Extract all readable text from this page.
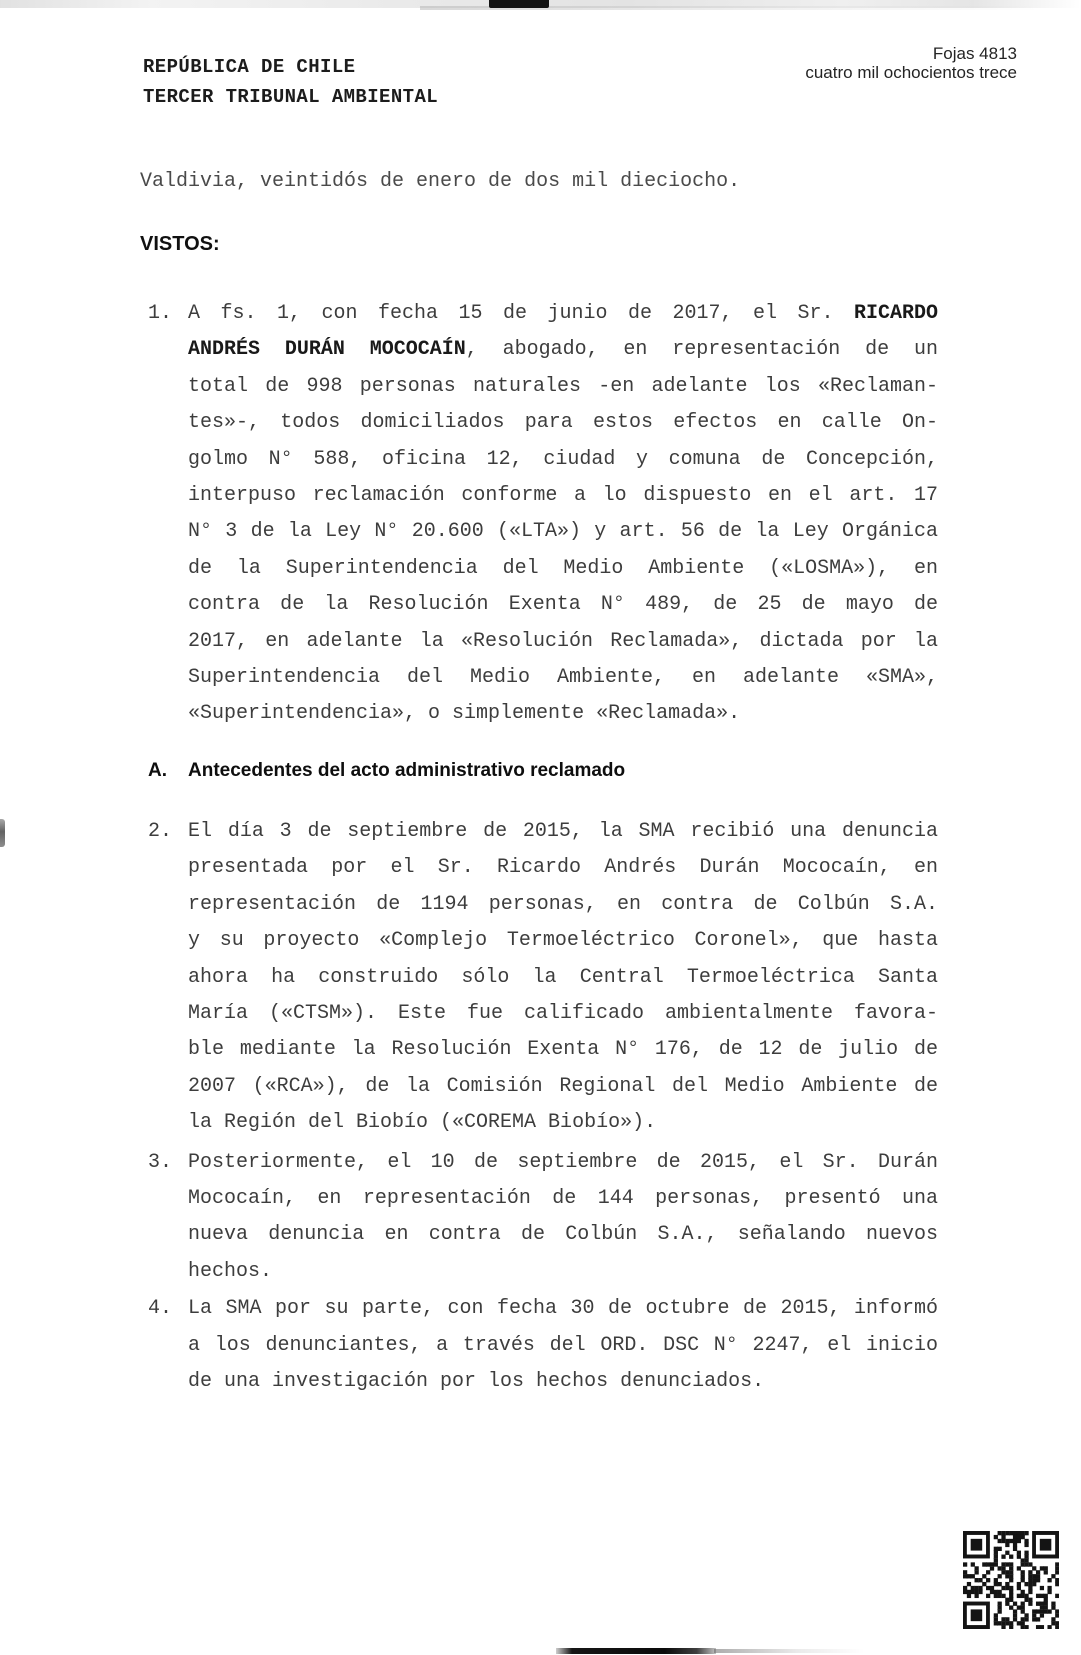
REPÚBLICA DE CHILE
TERCER TRIBUNAL AMBIENTAL
Fojas 4813
cuatro mil ochocientos trece
Valdivia, veintidós de enero de dos mil dieciocho.
VISTOS:
1. A fs. 1, con fecha 15 de junio de 2017, el Sr. RICARDO
ANDRÉS DURÁN MOCOCAÍN, abogado, en representación de un
total de 998 personas naturales -en adelante los «Reclaman-
tes»-, todos domiciliados para estos efectos en calle On-
golmo N° 588, oficina 12, ciudad y comuna de Concepción,
interpuso reclamación conforme a lo dispuesto en el art. 17
N° 3 de la Ley N° 20.600 («LTA») y art. 56 de la Ley Orgánica
de la Superintendencia del Medio Ambiente («LOSMA»), en
contra de la Resolución Exenta N° 489, de 25 de mayo de
2017, en adelante la «Resolución Reclamada», dictada por la
Superintendencia del Medio Ambiente, en adelante «SMA»,
«Superintendencia», o simplemente «Reclamada».
A.	Antecedentes del acto administrativo reclamado
2. El día 3 de septiembre de 2015, la SMA recibió una denuncia
presentada por el Sr. Ricardo Andrés Durán Mococaín, en
representación de 1194 personas, en contra de Colbún S.A.
y su proyecto «Complejo Termoeléctrico Coronel», que hasta
ahora ha construido sólo la Central Termoeléctrica Santa
María («CTSM»). Este fue calificado ambientalmente favora-
ble mediante la Resolución Exenta N° 176, de 12 de julio de
2007 («RCA»), de la Comisión Regional del Medio Ambiente de
la Región del Biobío («COREMA Biobío»).
3. Posteriormente, el 10 de septiembre de 2015, el Sr. Durán
Mococaín, en representación de 144 personas, presentó una
nueva denuncia en contra de Colbún S.A., señalando nuevos
hechos.
4. La SMA por su parte, con fecha 30 de octubre de 2015, informó
a los denunciantes, a través del ORD. DSC N° 2247, el inicio
de una investigación por los hechos denunciados.
